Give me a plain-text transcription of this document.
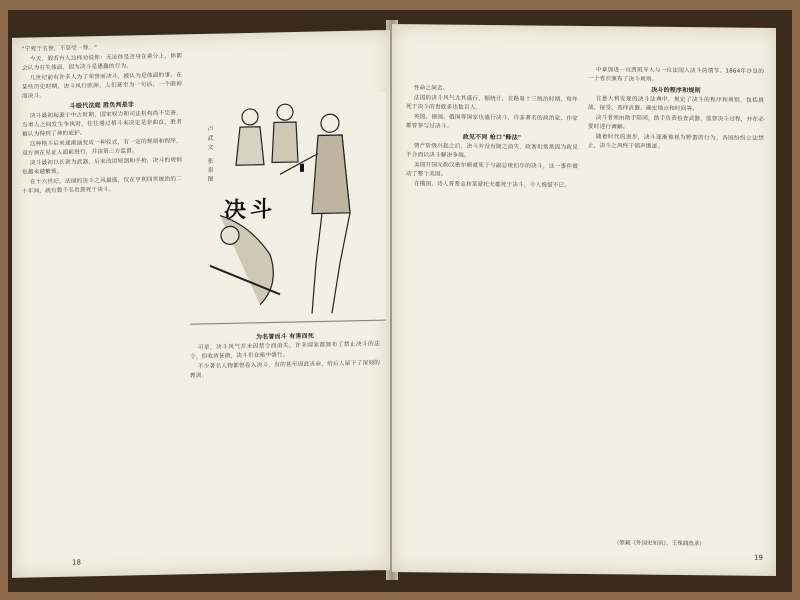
"宁死于名誉，不忍受一辱。"

今天，假若有人这样劝说你：无论你是否身在辈分上，你都会认为有失体面，因为决斗是愚蠢的行为。

几世纪前有许多人为了荣誉而决斗，被认为是体面的事。在某些历史时期，决斗风行欧洲，人们甚至为一句话、一个眼神而决斗。

斗殴代法庭 胜负判是非

决斗最初起源于中古时期，国家权力和司法机构尚不完善，当事人之间发生争执时，往往通过格斗来决定是非曲直，胜者被认为得到了神的庇护。

这种格斗后来逐渐演变成一种仪式，有一定的规则和程序，双方须在见证人面前进行，并由第三方监督。

决斗最初以长剑为武器，后来改用短剑和手枪，决斗的规则也越来越繁琐。

在十六世纪，法国的决斗之风最盛，仅在亨利四世统治的二十年间，就有数千名贵族死于决斗。

卢武文 张泰图
决斗

为名誉而斗 有害而死

可是，决斗风气并未因禁令而消失，许多国家都颁布了禁止决斗的法令，但收效甚微，决斗仍在暗中盛行。

不少著名人物都曾卷入决斗，有的甚至因此丧命，给后人留下了深刻的教训。

18

性命之间舍。

法国的决斗风气尤其盛行，据统计，在路易十三统治时期，每年死于决斗的贵族多达数百人。

英国、德国、俄国等国家也盛行决斗，许多著名的政治家、作家都曾参与过决斗。

政见不同 枪口"释法"

资产阶级兴起之后，决斗并没有随之消失，政客们常常因为政见不合而以决斗解决争端。

美国开国元勋汉密尔顿就死于与副总统伯尔的决斗，这一事件震动了整个美国。

在俄国，诗人普希金和莱蒙托夫都死于决斗，令人惋惜不已。

中章加进一页西班牙人与一位法国人决斗的情节。1864年沙皇的一个省长颁布了决斗规则。

决斗的程序和规则

在意大利发现的决斗法典中，规定了决斗的程序和规则，包括挑战、接受、选择武器、确定地点和时间等。

决斗者须由助手陪同，助手负责检查武器，监督决斗过程，并在必要时进行调解。

随着时代的进步，决斗逐渐被视为野蛮的行为，各国纷纷立法禁止，决斗之风终于销声匿迹。

（原载《外国史知识》，王殊润选录）
19
